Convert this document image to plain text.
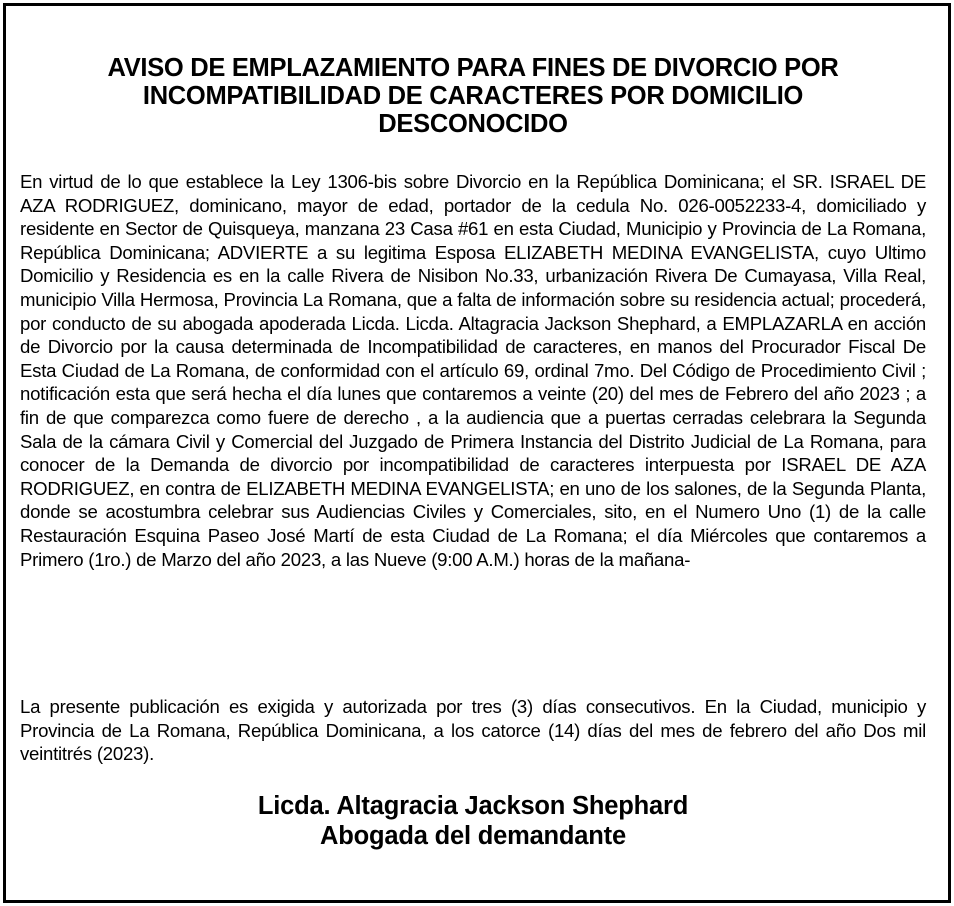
AVISO DE EMPLAZAMIENTO PARA FINES DE DIVORCIO POR
INCOMPATIBILIDAD DE CARACTERES POR DOMICILIO
DESCONOCIDO

En virtud de lo que establece la Ley 1306-bis sobre Divorcio en la República Dominicana; el SR. ISRAEL DE AZA RODRIGUEZ, dominicano, mayor de edad, portador de la cedula No. 026-0052233-4, domiciliado y residente en Sector de Quisqueya, manzana 23 Casa #61 en esta Ciudad, Municipio y Provincia de La Romana, República Dominicana; ADVIERTE a su legitima Esposa ELIZABETH MEDINA EVANGELISTA, cuyo Ultimo Domicilio y Residencia es en la calle Rivera de Nisibon No.33, urbanización Rivera De Cumayasa, Villa Real, municipio Villa Hermosa, Provincia La Romana, que a falta de información sobre su residencia actual; procederá, por conducto de su abogada apoderada Licda. Licda. Altagracia Jackson Shephard, a EMPLAZARLA en acción de Divorcio por la causa determinada de Incompatibilidad de caracteres, en manos del Procurador Fiscal De Esta Ciudad de La Romana, de conformidad con el artículo 69, ordinal 7mo. Del Código de Procedimiento Civil ; notificación esta que será hecha el día lunes que contaremos a veinte (20) del mes de Febrero del año 2023 ; a fin de que comparezca como fuere de derecho , a la audiencia que a puertas cerradas celebrara la Segunda Sala de la cámara Civil y Comercial del Juzgado de Primera Instancia del Distrito Judicial de La Romana, para conocer de la Demanda de divorcio por incompatibilidad de caracteres interpuesta por ISRAEL DE AZA RODRIGUEZ, en contra de ELIZABETH MEDINA EVANGELISTA; en uno de los salones, de la Segunda Planta, donde se acostumbra celebrar sus Audiencias Civiles y Comerciales, sito, en el Numero Uno (1) de la calle Restauración Esquina Paseo José Martí de esta Ciudad de La Romana; el día Miércoles que contaremos a Primero (1ro.) de Marzo del año 2023, a las Nueve (9:00 A.M.) horas de la mañana-

La presente publicación es exigida y autorizada por tres (3) días consecutivos. En la Ciudad, municipio y Provincia de La Romana, República Dominicana, a los catorce (14) días del mes de febrero del año Dos mil veintitrés (2023).

Licda. Altagracia Jackson Shephard
Abogada del demandante
